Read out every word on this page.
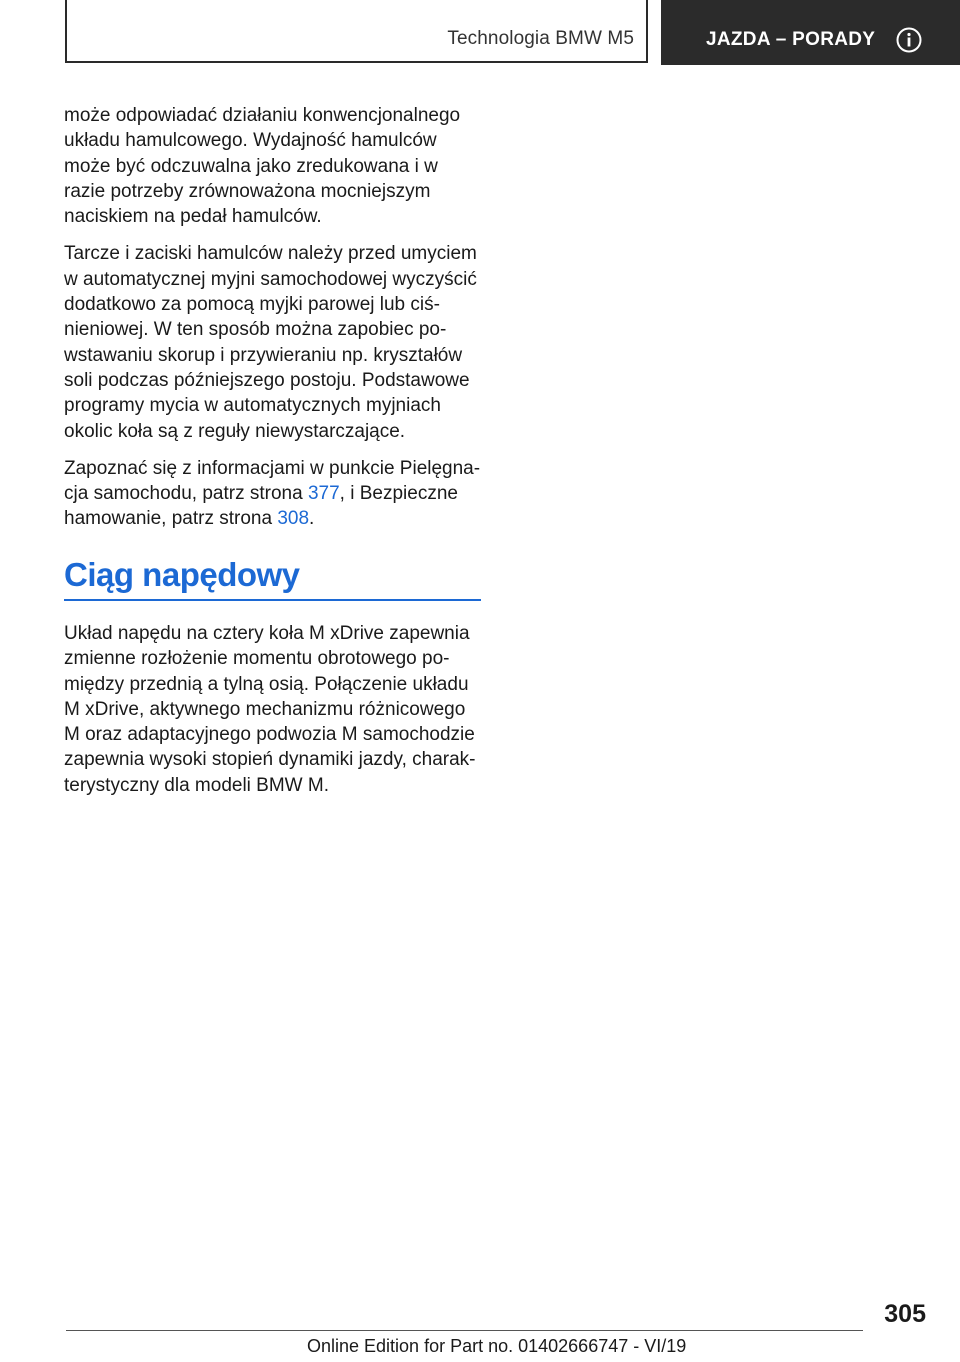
Technologia BMW M5	JAZDA – PORADY

może odpowiadać działaniu konwencjonalnego układu hamulcowego. Wydajność hamulców może być odczuwalna jako zredukowana i w razie potrzeby zrównoważona mocniejszym naciskiem na pedał hamulców.

Tarcze i zaciski hamulców należy przed umyciem w automatycznej myjni samochodowej wyczyścić dodatkowo za pomocą myjki parowej lub ciśnieniowej. W ten sposób można zapobiec powstawaniu skorup i przywieraniu np. kryształów soli podczas późniejszego postoju. Podstawowe programy mycia w automatycznych myjniach okolic koła są z reguły niewystarczające.

Zapoznać się z informacjami w punkcie Pielęgnacja samochodu, patrz strona 377, i Bezpieczne hamowanie, patrz strona 308.

Ciąg napędowy

Układ napędu na cztery koła M xDrive zapewnia zmienne rozłożenie momentu obrotowego pomiędzy przednią a tylną osią. Połączenie układu M xDrive, aktywnego mechanizmu różnicowego M oraz adaptacyjnego podwozia M samochodzie zapewnia wysoki stopień dynamiki jazdy, charakterystyczny dla modeli BMW M.

305
Online Edition for Part no. 01402666747 - VI/19
